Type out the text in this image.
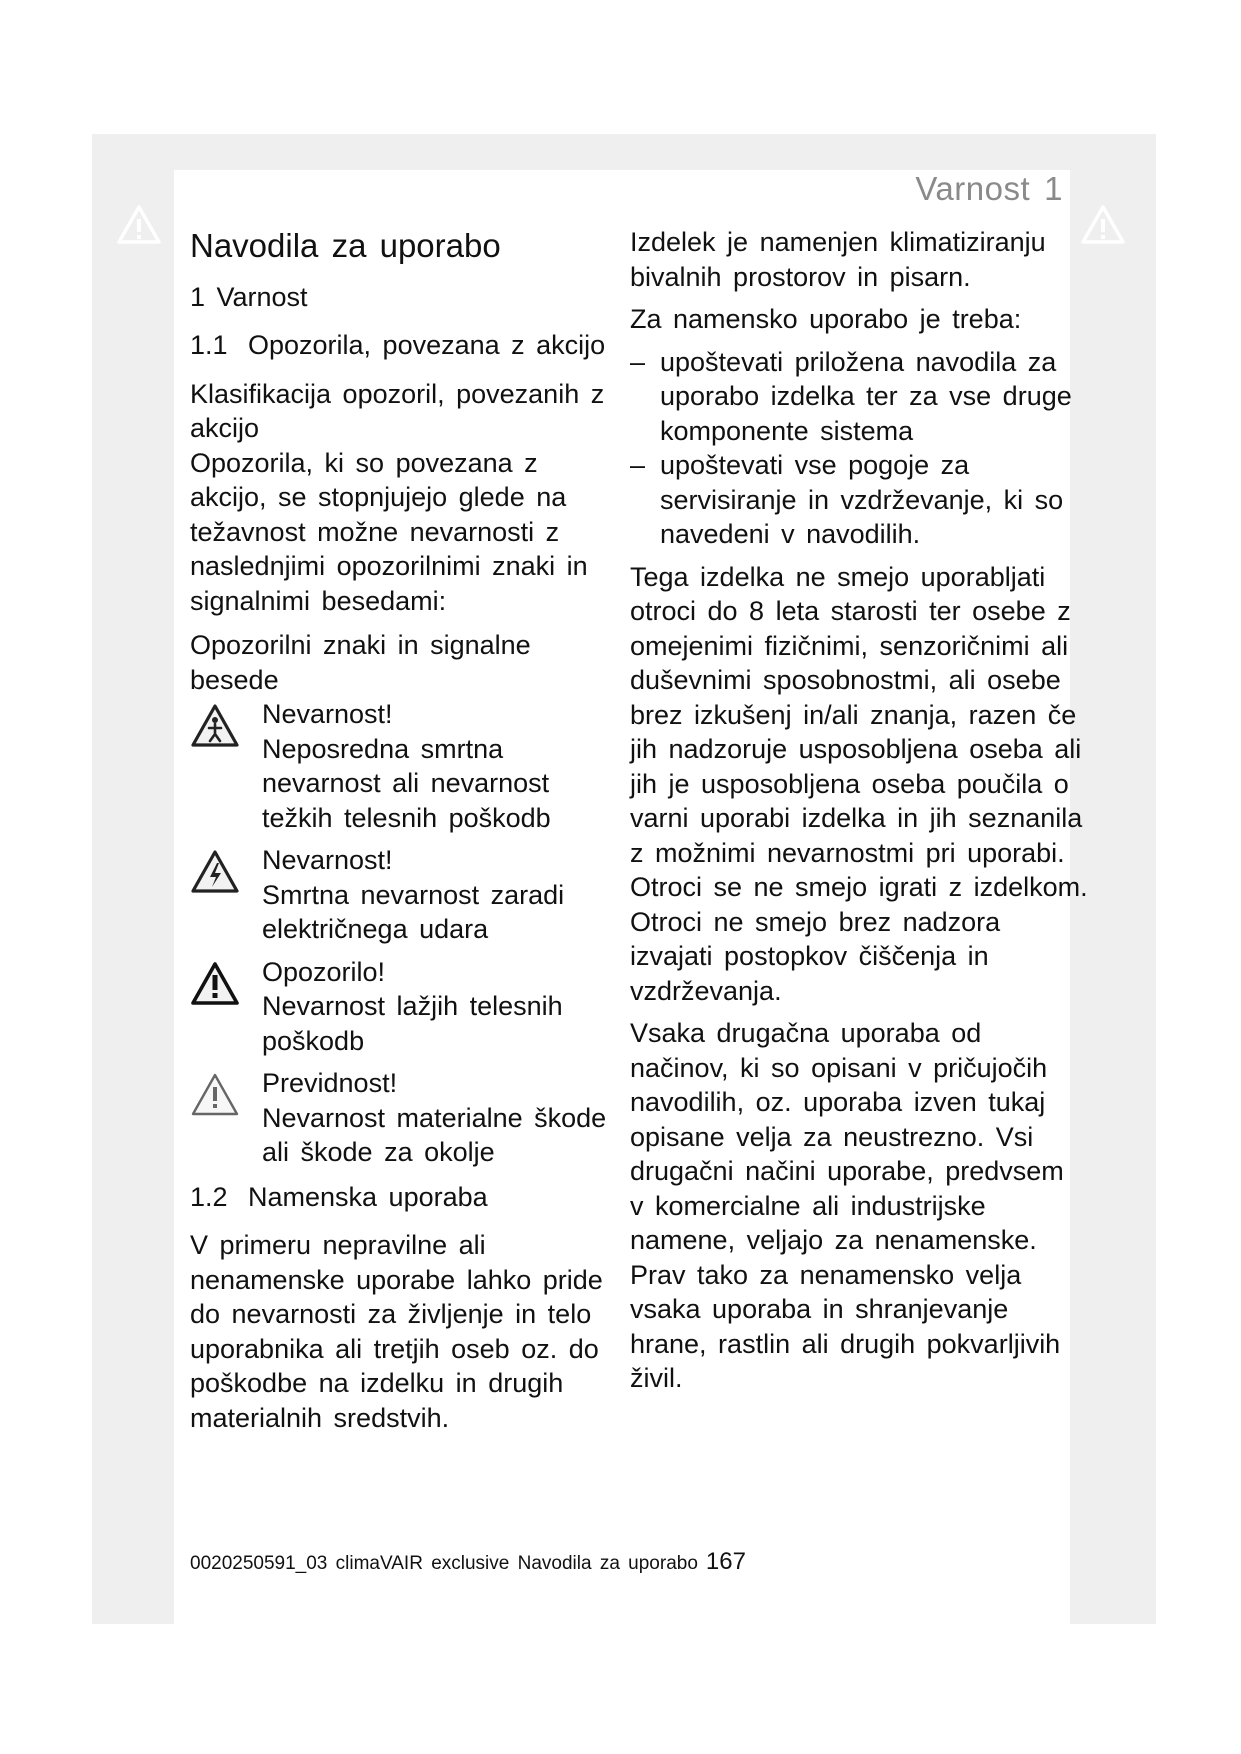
Varnost 1
Navodila za uporabo
1 Varnost
1.1 Opozorila, povezana z akcijo
Klasifikacija opozoril, povezanih z akcijo

Opozorila, ki so povezana z akcijo, se stopnjujejo glede na težavnost možne nevarnosti z naslednjimi opozorilnimi znaki in signalnimi besedami:

Opozorilni znaki in signalne besede
Nevarnost!
Neposredna smrtna nevarnost ali nevarnost težkih telesnih poškodb
Nevarnost!
Smrtna nevarnost zaradi električnega udara
Opozorilo!
Nevarnost lažjih telesnih poškodb
Previdnost!
Nevarnost materialne škode ali škode za okolje
1.2 Namenska uporaba

V primeru nepravilne ali nenamenske uporabe lahko pride do nevarnosti za življenje in telo uporabnika ali tretjih oseb oz. do poškodbe na izdelku in drugih materialnih sredstvih.

Izdelek je namenjen klimatiziranju bivalnih prostorov in pisarn.

Za namensko uporabo je treba:

– upoštevati priložena navodila za uporabo izdelka ter za vse druge komponente sistema
– upoštevati vse pogoje za servisiranje in vzdrževanje, ki so navedeni v navodilih.

Tega izdelka ne smejo uporabljati otroci do 8 leta starosti ter osebe z omejenimi fizičnimi, senzoričnimi ali duševnimi sposobnostmi, ali osebe brez izkušenj in/ali znanja, razen če jih nadzoruje usposobljena oseba ali jih je usposobljena oseba poučila o varni uporabi izdelka in jih seznanila z možnimi nevarnostmi pri uporabi. Otroci se ne smejo igrati z izdelkom. Otroci ne smejo brez nadzora izvajati postopkov čiščenja in vzdrževanja.

Vsaka drugačna uporaba od načinov, ki so opisani v pričujočih navodilih, oz. uporaba izven tukaj opisane velja za neustrezno. Vsi drugačni načini uporabe, predvsem v komercialne ali industrijske namene, veljajo za nenamenske. Prav tako za nenamensko velja vsaka uporaba in shranjevanje hrane, rastlin ali drugih pokvarljivih živil.

0020250591_03 climaVAIR exclusive Navodila za uporabo 167
